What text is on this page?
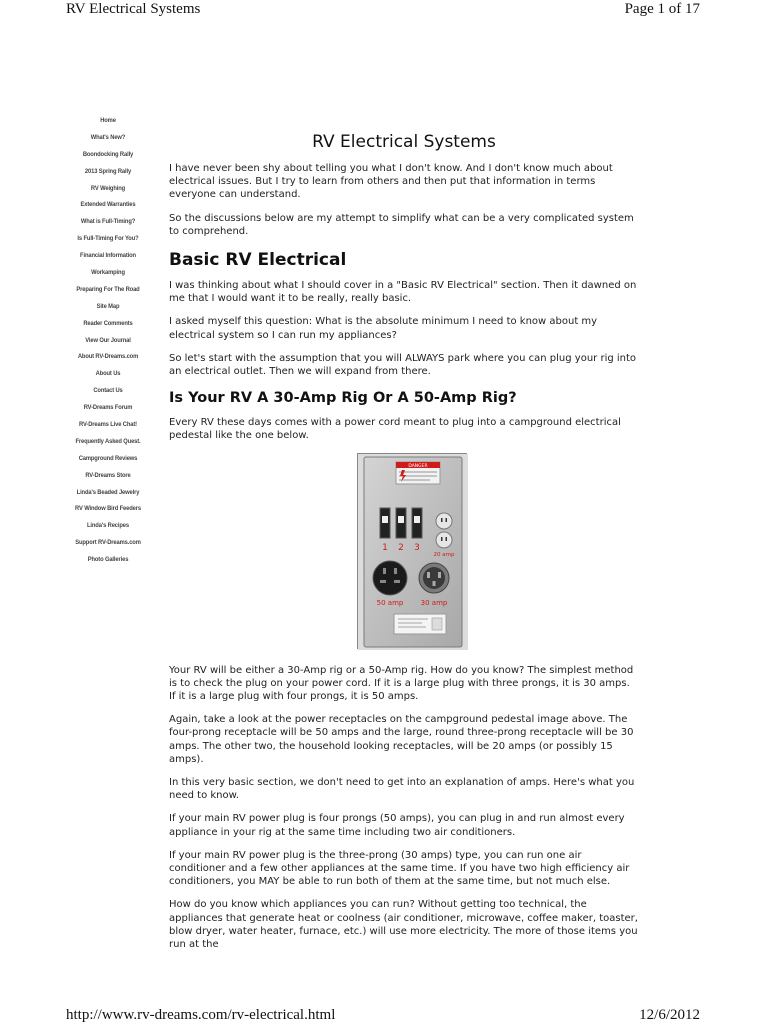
RV Electrical Systems	Page 1 of 17
Home
What's New?
Boondocking Rally
2013 Spring Rally
RV Weighing
Extended Warranties
What is Full-Timing?
Is Full-Timing For You?
Financial Information
Workamping
Preparing For The Road
Site Map
Reader Comments
View Our Journal
About RV-Dreams.com
About Us
Contact Us
RV-Dreams Forum
RV-Dreams Live Chat!
Frequently Asked Quest.
Campground Reviews
RV-Dreams Store
Linda's Beaded Jewelry
RV Window Bird Feeders
Linda's Recipes
Support RV-Dreams.com
Photo Galleries
RV Electrical Systems

I have never been shy about telling you what I don't know. And I don't know much about electrical issues. But I try to learn from others and then put that information in terms everyone can understand.

So the discussions below are my attempt to simplify what can be a very complicated system to comprehend.

Basic RV Electrical

I was thinking about what I should cover in a "Basic RV Electrical" section. Then it dawned on me that I would want it to be really, really basic.

I asked myself this question: What is the absolute minimum I need to know about my electrical system so I can run my appliances?

So let's start with the assumption that you will ALWAYS park where you can plug your rig into an electrical outlet. Then we will expand from there.

Is Your RV A 30-Amp Rig Or A 50-Amp Rig?

Every RV these days comes with a power cord meant to plug into a campground electrical pedestal like the one below.

DANGER
1 2 3
20 amp
50 amp 30 amp

Your RV will be either a 30-Amp rig or a 50-Amp rig. How do you know? The simplest method is to check the plug on your power cord. If it is a large plug with three prongs, it is 30 amps. If it is a large plug with four prongs, it is 50 amps.

Again, take a look at the power receptacles on the campground pedestal image above. The four-prong receptacle will be 50 amps and the large, round three-prong receptacle will be 30 amps. The other two, the household looking receptacles, will be 20 amps (or possibly 15 amps).

In this very basic section, we don't need to get into an explanation of amps. Here's what you need to know.

If your main RV power plug is four prongs (50 amps), you can plug in and run almost every appliance in your rig at the same time including two air conditioners.

If your main RV power plug is the three-prong (30 amps) type, you can run one air conditioner and a few other appliances at the same time. If you have two high efficiency air conditioners, you MAY be able to run both of them at the same time, but not much else.

How do you know which appliances you can run? Without getting too technical, the appliances that generate heat or coolness (air conditioner, microwave, coffee maker, toaster, blow dryer, water heater, furnace, etc.) will use more electricity. The more of those items you run at the

http://www.rv-dreams.com/rv-electrical.html	12/6/2012
